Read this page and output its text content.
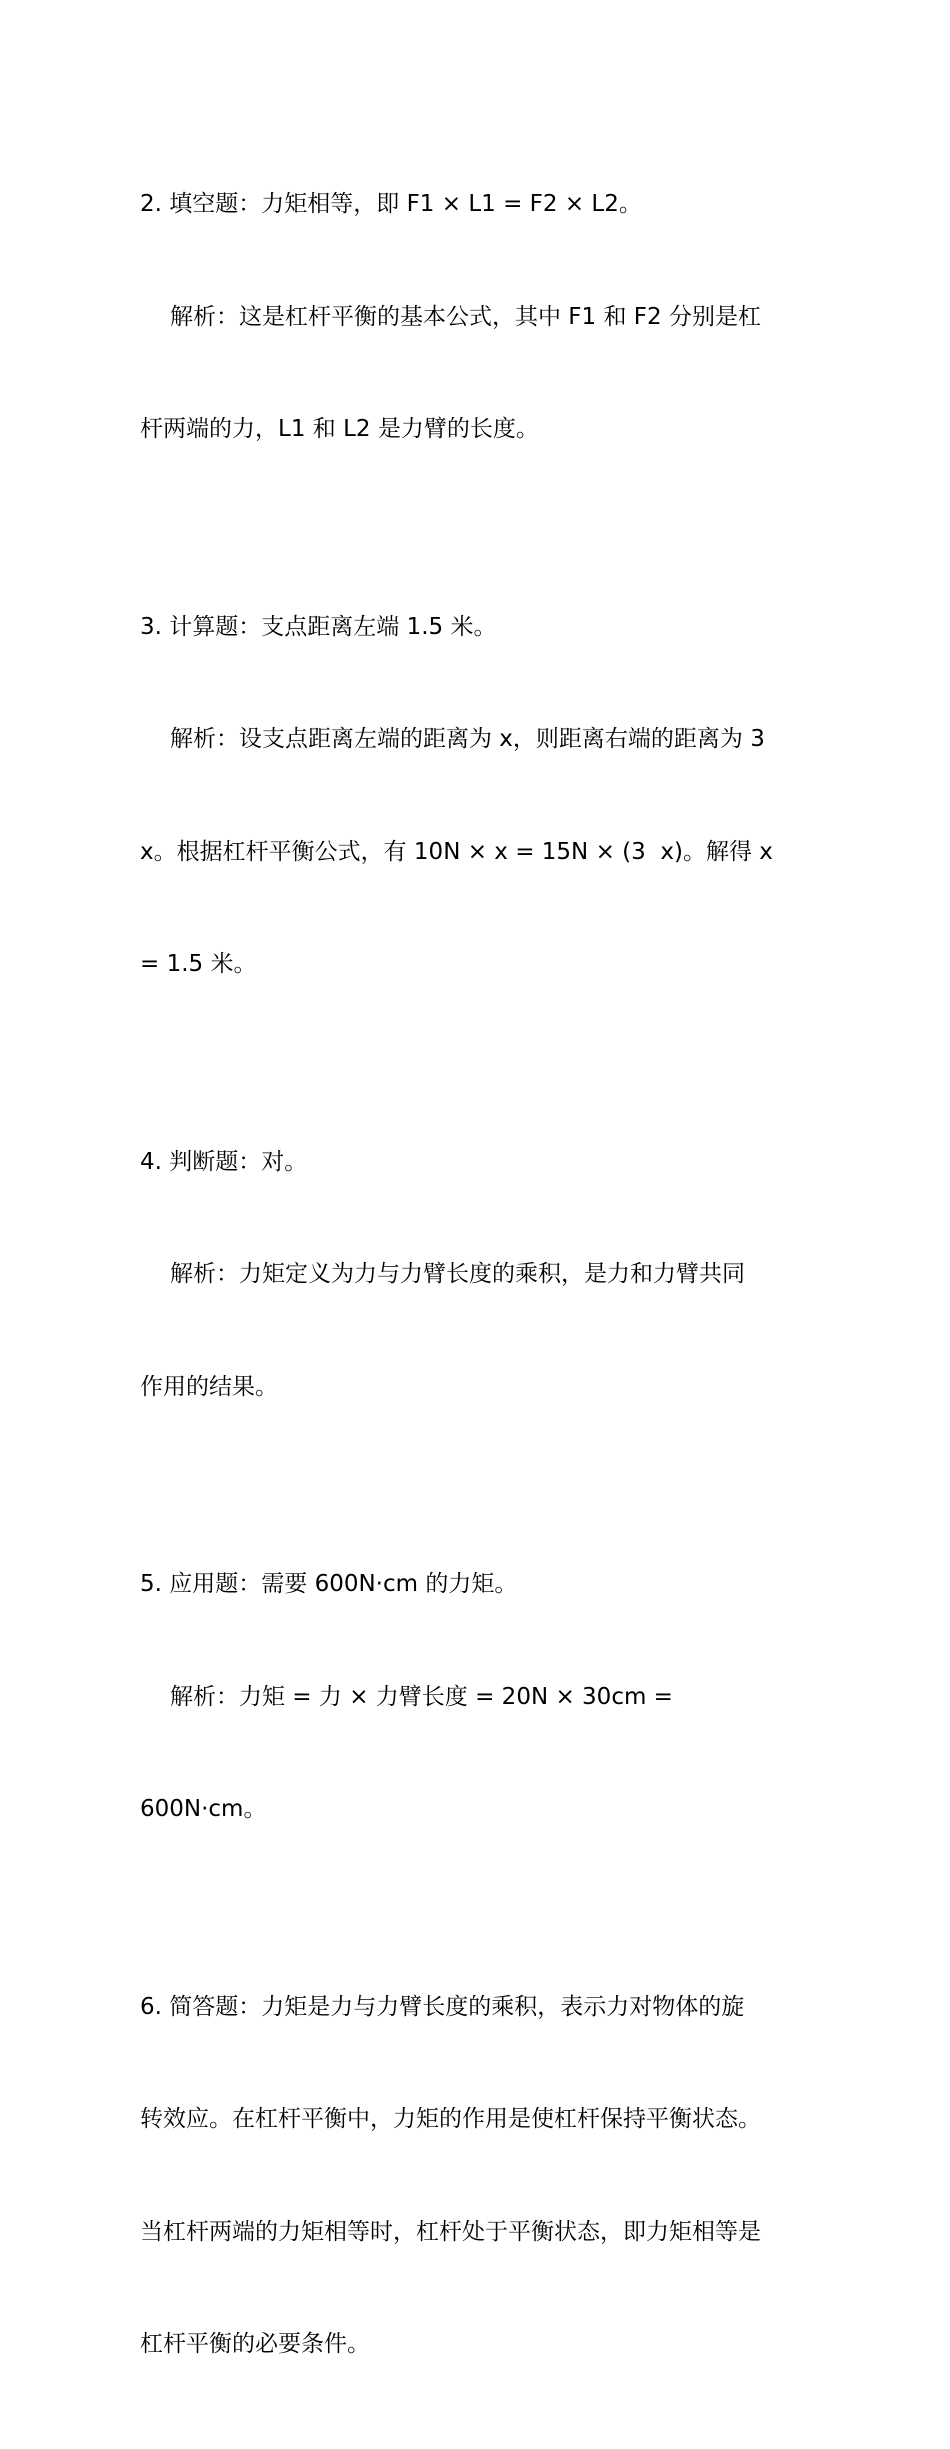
2. 填空题：力矩相等，即 F1 × L1 = F2 × L2。

解析：这是杠杆平衡的基本公式，其中 F1 和 F2 分别是杠

杆两端的力，L1 和 L2 是力臂的长度。

3. 计算题：支点距离左端 1.5 米。

解析：设支点距离左端的距离为 x，则距离右端的距离为 3

x。根据杠杆平衡公式，有 10N × x = 15N × (3  x)。解得 x

= 1.5 米。

4. 判断题：对。

解析：力矩定义为力与力臂长度的乘积，是力和力臂共同

作用的结果。

5. 应用题：需要 600N·cm 的力矩。

解析：力矩 = 力 × 力臂长度 = 20N × 30cm =

600N·cm。

6. 简答题：力矩是力与力臂长度的乘积，表示力对物体的旋

转效应。在杠杆平衡中，力矩的作用是使杠杆保持平衡状态。

当杠杆两端的力矩相等时，杠杆处于平衡状态，即力矩相等是

杠杆平衡的必要条件。
